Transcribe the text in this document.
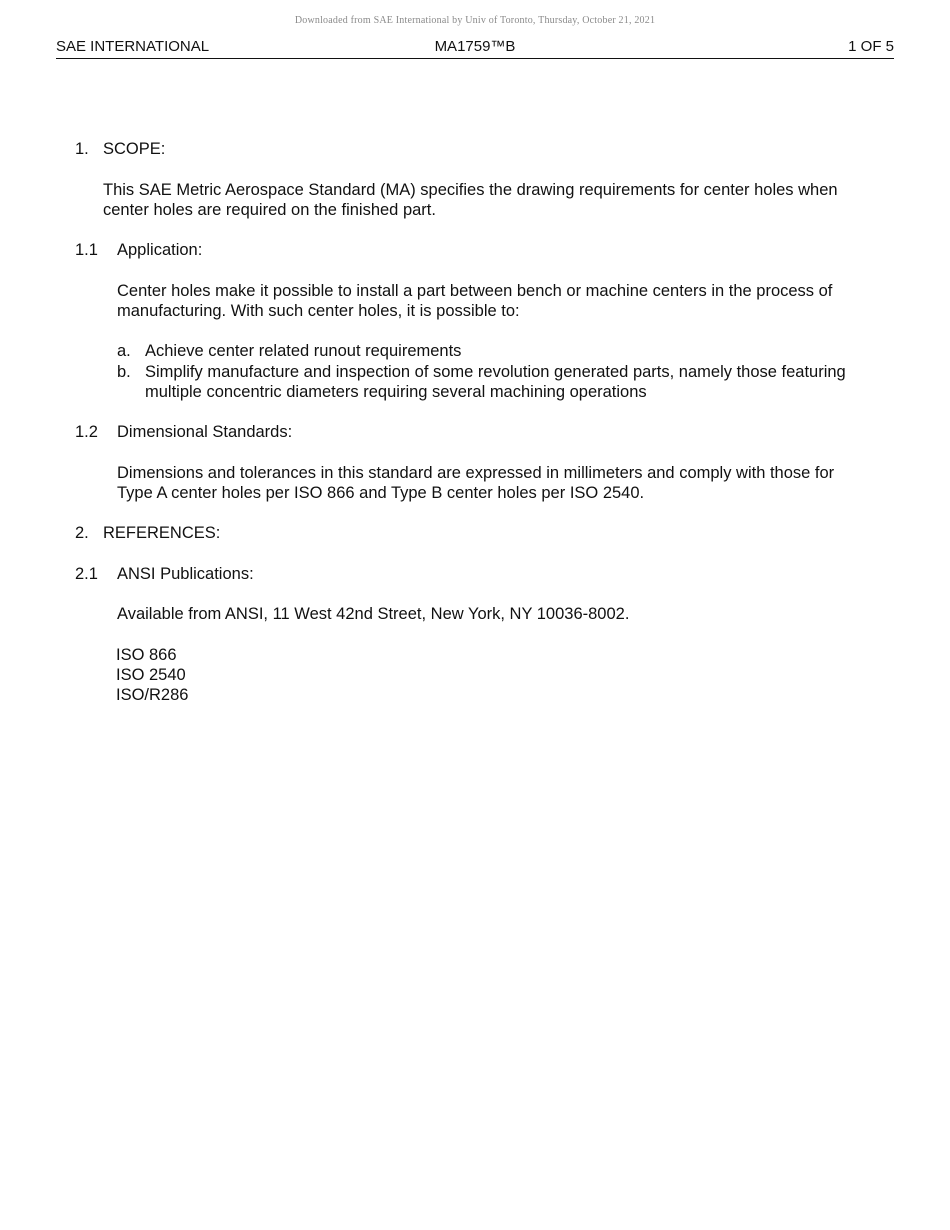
Downloaded from SAE International by Univ of Toronto, Thursday, October 21, 2021
SAE INTERNATIONAL	MA1759™B	1 OF 5
1. SCOPE:
This SAE Metric Aerospace Standard (MA) specifies the drawing requirements for center holes when
center holes are required on the finished part.
1.1 Application:
Center holes make it possible to install a part between bench or machine centers in the process of
manufacturing. With such center holes, it is possible to:
a. Achieve center related runout requirements
b. Simplify manufacture and inspection of some revolution generated parts, namely those featuring
multiple concentric diameters requiring several machining operations
1.2 Dimensional Standards:
Dimensions and tolerances in this standard are expressed in millimeters and comply with those for
Type A center holes per ISO 866 and Type B center holes per ISO 2540.
2. REFERENCES:
2.1 ANSI Publications:
Available from ANSI, 11 West 42nd Street, New York, NY 10036-8002.
ISO 866
ISO 2540
ISO/R286
